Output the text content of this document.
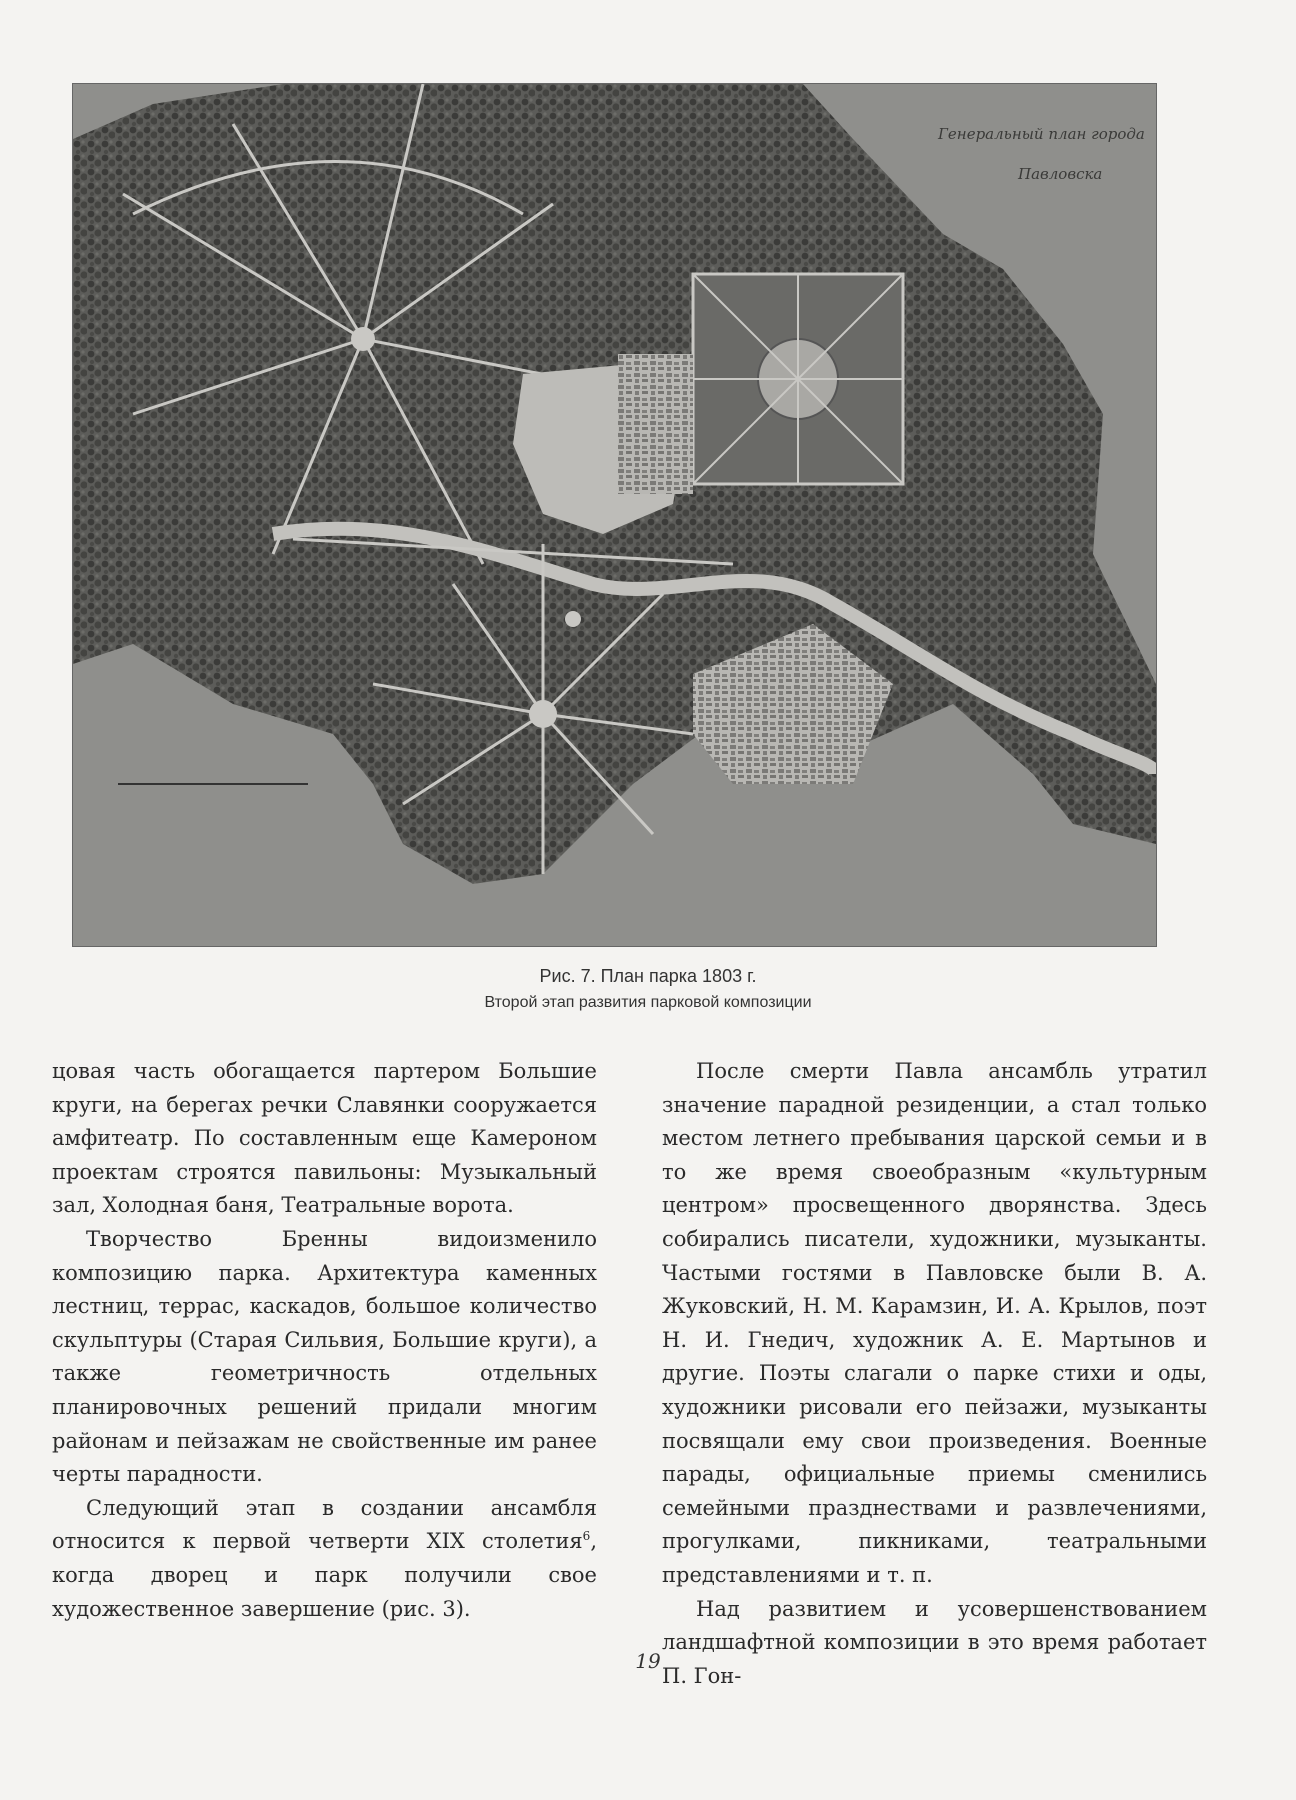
Генеральный план города
Павловска
Рис. 7. План парка 1803 г.
Второй этап развития парковой композиции

цовая часть обогащается партером Большие круги, на берегах речки Славянки сооружается амфитеатр. По составленным еще Камероном проектам строятся павильоны: Музыкальный зал, Холодная баня, Театральные ворота.

Творчество Бренны видоизменило композицию парка. Архитектура каменных лестниц, террас, каскадов, большое количество скульптуры (Старая Сильвия, Большие круги), а также геометричность отдельных планировочных решений придали многим районам и пейзажам не свойственные им ранее черты парадности.

Следующий этап в создании ансамбля относится к первой четверти XIX столетия$^6$, когда дворец и парк получили свое художественное завершение (рис. 3).

После смерти Павла ансамбль утратил значение парадной резиденции, а стал только местом летнего пребывания царской семьи и в то же время своеобразным «культурным центром» просвещенного дворянства. Здесь собирались писатели, художники, музыканты. Частыми гостями в Павловске были В. А. Жуковский, Н. М. Карамзин, И. А. Крылов, поэт Н. И. Гнедич, художник А. Е. Мартынов и другие. Поэты слагали о парке стихи и оды, художники рисовали его пейзажи, музыканты посвящали ему свои произведения. Военные парады, официальные приемы сменились семейными празднествами и развлечениями, прогулками, пикниками, театральными представлениями и т. п.

Над развитием и усовершенствованием ландшафтной композиции в это время работает П. Гон-

19
